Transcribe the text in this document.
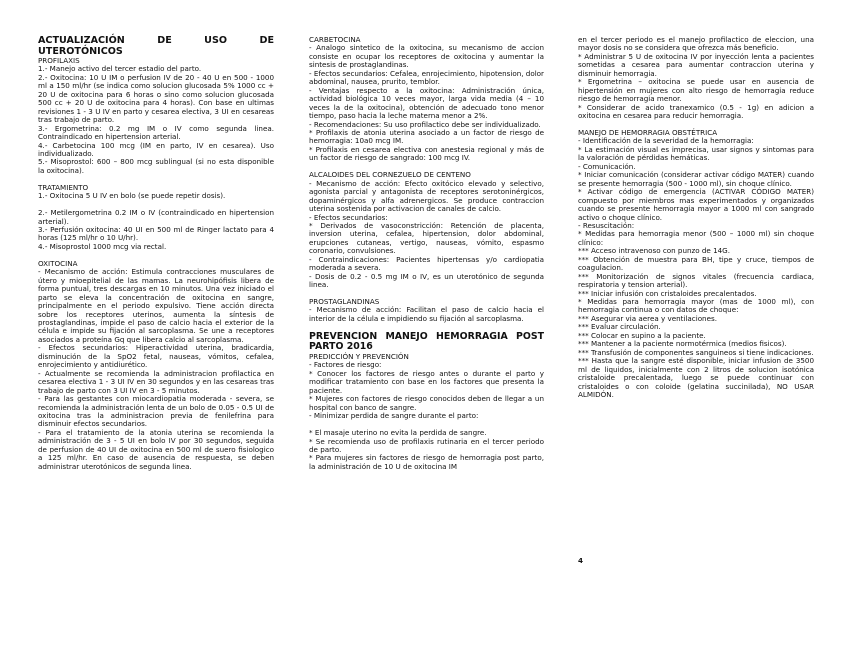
ACTUALIZACIÓN DE USO DE

UTEROTÓNICOS

PROFILAXIS

1.- Manejo activo del tercer estadio del parto.

2.- Oxitocina: 10 U IM o perfusion IV de 20 - 40 U en 500 - 1000 ml a 150 ml/hr (se indica como solucion glucosada 5% 1000 cc + 20 U de oxitocina para 6 horas o sino como solucion glucosada 500 cc + 20 U de oxitocina para 4 horas). Con base en ultimas revisiones 1 - 3 U IV en parto y cesarea electiva, 3 UI en cesareas tras trabajo de parto.

3.- Ergometrina: 0.2 mg IM o IV como segunda linea. Contraindicado en hipertension arterial.

4.- Carbetocina 100 mcg (IM en parto, IV en cesarea). Uso individualizado.

5.- Misoprostol: 600 – 800 mcg sublingual (si no esta disponible la oxitocina).

TRATAMIENTO

1.- Oxitocina 5 U IV en bolo (se puede repetir dosis).

2.- Metilergometrina 0.2 IM o IV (contraindicado en hipertension arterial).

3.- Perfusión oxitocina: 40 UI en 500 ml de Ringer lactato para 4 horas (125 ml/hr o 10 U/hr).

4.- Misoprostol 1000 mcg via rectal.

OXITOCINA

- Mecanismo de acción: Estimula contracciones musculares de útero y mioepitelial de las mamas. La neurohipófisis libera de forma puntual, tres descargas en 10 minutos. Una vez iniciado el parto se eleva la concentración de oxitocina en sangre, principalmente en el periodo expulsivo. Tiene acción directa sobre los receptores uterinos, aumenta la síntesis de prostaglandinas, impide el paso de calcio hacia el exterior de la célula e impide su fijación al sarcoplasma. Se une a receptores asociados a proteína Gq que libera calcio al sarcoplasma.

- Efectos secundarios: Hiperactividad uterina, bradicardia, disminución de la SpO2 fetal, nauseas, vómitos, cefalea, enrojecimiento y antidiurético.

- Actualmente se recomienda la administracion profilactica en cesarea electiva 1 - 3 UI IV en 30 segundos y en las cesareas tras trabajo de parto con 3 UI IV en 3 - 5 minutos.

- Para las gestantes con miocardiopatia moderada - severa, se recomienda la administración lenta de un bolo de 0.05 - 0.5 UI de oxitocina tras la administracion previa de fenilefrina para disminuir efectos secundarios.

- Para el tratamiento de la atonia uterina se recomienda la administración de 3 - 5 UI en bolo IV por 30 segundos, seguida de perfusion de 40 UI de oxitocina en 500 ml de suero fisiologico a 125 ml/hr. En caso de ausencia de respuesta, se deben administrar uterotónicos de segunda linea.

CARBETOCINA

- Analogo sintetico de la oxitocina, su mecanismo de accion consiste en ocupar los receptores de oxitocina y aumentar la sintesis de prostaglandinas.

- Efectos secundarios: Cefalea, enrojecimiento, hipotension, dolor abdominal, nausea, prurito, temblor.

- Ventajas respecto a la oxitocina: Administración única, actividad biológica 10 veces mayor, larga vida media (4 – 10 veces la de la oxitocina), obtención de adecuado tono menor tiempo, paso hacia la leche materna menor a 2%.

- Recomendaciones: Su uso profilactico debe ser individualizado.

* Profilaxis de atonia uterina asociado a un factor de riesgo de hemorragia: 10a0 mcg IM.

* Profilaxis en cesarea electiva con anestesia regional y más de un factor de riesgo de sangrado: 100 mcg IV.

ALCALOIDES DEL CORNEZUELO DE CENTENO

- Mecanismo de acción: Efecto oxitócico elevado y selectivo, agonista parcial y antagonista de receptores serotoninérgicos, dopaminérgicos y alfa adrenergicos. Se produce contraccion uterina sostenida por activacion de canales de calcio.

- Efectos secundarios:

* Derivados de vasoconstricción: Retención de placenta, inversion uterina, cefalea, hipertension, dolor abdominal, erupciones cutaneas, vertigo, nauseas, vómito, espasmo coronario, convulsiones.

- Contraindicaciones: Pacientes hipertensas y/o cardiopatia moderada a severa.

- Dosis de 0.2 - 0.5 mg IM o IV, es un uterotónico de segunda linea.

PROSTAGLANDINAS

- Mecanismo de acción: Facilitan el paso de calcio hacia el interior de la célula e impidiendo su fijación al sarcoplasma.

PREVENCION MANEJO HEMORRAGIA POST PARTO 2016

PREDICCIÓN Y PREVENCIÓN

- Factores de riesgo:

* Conocer los factores de riesgo antes o durante el parto y modificar tratamiento con base en los factores que presenta la paciente.

* Mujeres con factores de riesgo conocidos deben de llegar a un hospital con banco de sangre.

- Minimizar perdida de sangre durante el parto:

* El masaje uterino no evita la perdida de sangre.

* Se recomienda uso de profilaxis rutinaria en el tercer periodo de parto.

* Para mujeres sin factores de riesgo de hemorragia post parto, la administración de 10 U de oxitocina IM

en el tercer periodo es el manejo profilactico de eleccion, una mayor dosis no se considera que ofrezca más beneficio.

* Administrar 5 U de oxitocina IV por inyección lenta a pacientes sometidas a cesarea para aumentar contraccion uterina y disminuir hemorragia.

* Ergometrina – oxitocina se puede usar en ausencia de hipertensión en mujeres con alto riesgo de hemorragia reduce riesgo de hemorragia menor.

* Considerar de acido tranexamico (0.5 - 1g) en adicion a oxitocina en cesarea para reducir hemorragia.

MANEJO DE HEMORRAGIA OBSTÉTRICA

- Identificación de la severidad de la hemorragia:

* La estimación visual es imprecisa, usar signos y sintomas para la valoración de pérdidas hemáticas.

- Comunicación.

* Iniciar comunicación (considerar activar código MATER) cuando se presente hemorragia (500 - 1000 ml), sin choque clínico.

* Activar código de emergencia (ACTIVAR CÓDIGO MATER) compuesto por miembros mas experimentados y organizados cuando se presente hemorragia mayor a 1000 ml con sangrado activo o choque clínico.

- Resuscitación:

* Medidas para hemorragia menor (500 – 1000 ml) sin choque clínico:

*** Acceso intravenoso con punzo de 14G.

*** Obtención de muestra para BH, tipe y cruce, tiempos de coagulacion.

*** Monitorización de signos vitales (frecuencia cardiaca, respiratoria y tension arterial).

*** Iniciar infusión con cristaloides precalentados.

* Medidas para hemorragia mayor (mas de 1000 ml), con hemorragia continua o con datos de choque:

*** Asegurar via aerea y ventilaciones.

*** Evaluar circulación.

*** Colocar en supino a la paciente.

*** Mantener a la paciente normotérmica (medios fisicos).

*** Transfusión de componentes sanguineos si tiene indicaciones.

*** Hasta que la sangre esté disponible, iniciar infusion de 3500 ml de liquidos, inicialmente con 2 litros de solucion isotónica cristaloide precalentada, luego se puede continuar con cristaloides o con coloide (gelatina succinilada), NO USAR ALMIDÓN.

4
